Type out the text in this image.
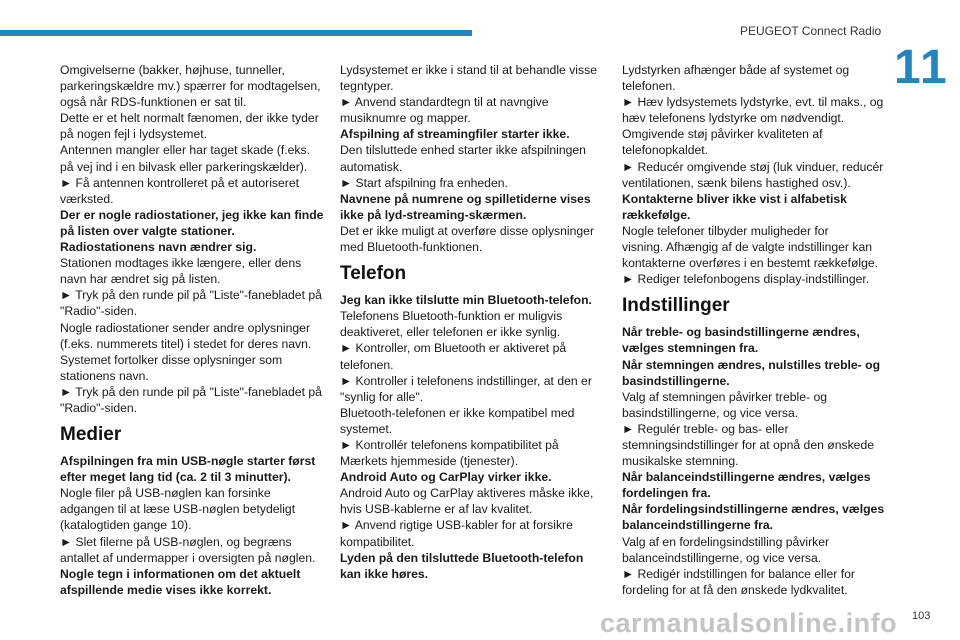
PEUGEOT Connect Radio
11

Omgivelserne (bakker, højhuse, tunneller,

parkeringskældre mv.) spærrer for modtagelsen,

også når RDS-funktionen er sat til.

Dette er et helt normalt fænomen, der ikke tyder

på nogen fejl i lydsystemet.

Antennen mangler eller har taget skade (f.eks.

på vej ind i en bilvask eller parkeringskælder).

► Få antennen kontrolleret på et autoriseret

værksted.

Der er nogle radiostationer, jeg ikke kan finde

på listen over valgte stationer.

Radiostationens navn ændrer sig.

Stationen modtages ikke længere, eller dens

navn har ændret sig på listen.

► Tryk på den runde pil på "Liste"-fanebladet på

"Radio"-siden.

Nogle radiostationer sender andre oplysninger

(f.eks. nummerets titel) i stedet for deres navn.

Systemet fortolker disse oplysninger som

stationens navn.

► Tryk på den runde pil på "Liste"-fanebladet på

"Radio"-siden.

Medier

Afspilningen fra min USB-nøgle starter først

efter meget lang tid (ca. 2 til 3 minutter).

Nogle filer på USB-nøglen kan forsinke

adgangen til at læse USB-nøglen betydeligt

(katalogtiden gange 10).

► Slet filerne på USB-nøglen, og begræns

antallet af undermapper i oversigten på nøglen.

Nogle tegn i informationen om det aktuelt

afspillende medie vises ikke korrekt.

Lydsystemet er ikke i stand til at behandle visse

tegntyper.

► Anvend standardtegn til at navngive

musiknumre og mapper.

Afspilning af streamingfiler starter ikke.

Den tilsluttede enhed starter ikke afspilningen

automatisk.

► Start afspilning fra enheden.

Navnene på numrene og spilletiderne vises

ikke på lyd-streaming-skærmen.

Det er ikke muligt at overføre disse oplysninger

med Bluetooth-funktionen.

Telefon

Jeg kan ikke tilslutte min Bluetooth-telefon.

Telefonens Bluetooth-funktion er muligvis

deaktiveret, eller telefonen er ikke synlig.

► Kontroller, om Bluetooth er aktiveret på

telefonen.

► Kontroller i telefonens indstillinger, at den er

"synlig for alle".

Bluetooth-telefonen er ikke kompatibel med

systemet.

► Kontrollér telefonens kompatibilitet på

Mærkets hjemmeside (tjenester).

Android Auto og CarPlay virker ikke.

Android Auto og CarPlay aktiveres måske ikke,

hvis USB-kablerne er af lav kvalitet.

► Anvend rigtige USB-kabler for at forsikre

kompatibilitet.

Lyden på den tilsluttede Bluetooth-telefon

kan ikke høres.

Lydstyrken afhænger både af systemet og

telefonen.

► Hæv lydsystemets lydstyrke, evt. til maks., og

hæv telefonens lydstyrke om nødvendigt.

Omgivende støj påvirker kvaliteten af

telefonopkaldet.

► Reducér omgivende støj (luk vinduer, reducér

ventilationen, sænk bilens hastighed osv.).

Kontakterne bliver ikke vist i alfabetisk

rækkefølge.

Nogle telefoner tilbyder muligheder for

visning. Afhængig af de valgte indstillinger kan

kontakterne overføres i en bestemt rækkefølge.

► Rediger telefonbogens display-indstillinger.

Indstillinger

Når treble- og basindstillingerne ændres,

vælges stemningen fra.

Når stemningen ændres, nulstilles treble- og

basindstillingerne.

Valg af stemningen påvirker treble- og

basindstillingerne, og vice versa.

► Regulér treble- og bas- eller

stemningsindstillinger for at opnå den ønskede

musikalske stemning.

Når balanceindstillingerne ændres, vælges

fordelingen fra.

Når fordelingsindstillingerne ændres, vælges

balanceindstillingerne fra.

Valg af en fordelingsindstilling påvirker

balanceindstillingerne, og vice versa.

► Redigér indstillingen for balance eller for

fordeling for at få den ønskede lydkvalitet.

carmanualsonline.info 103
